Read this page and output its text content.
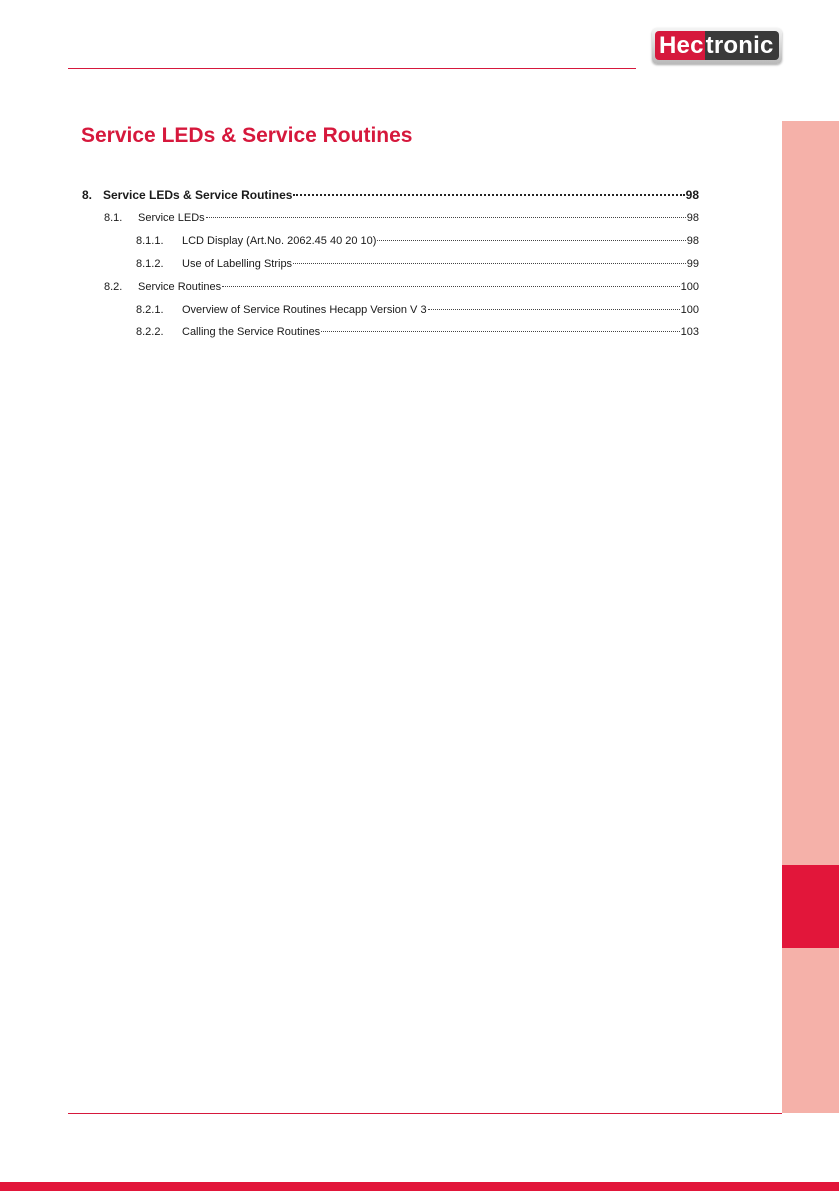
Hec tronic
Service LEDs & Service Routines
8. Service LEDs & Service Routines	98
8.1.	Service LEDs	98
8.1.1.	LCD Display (Art.No. 2062.45 40 20 10)	98
8.1.2.	Use of Labelling Strips	99
8.2.	Service Routines	100
8.2.1.	Overview of Service Routines Hecapp Version V 3	100
8.2.2.	Calling the Service Routines	103
